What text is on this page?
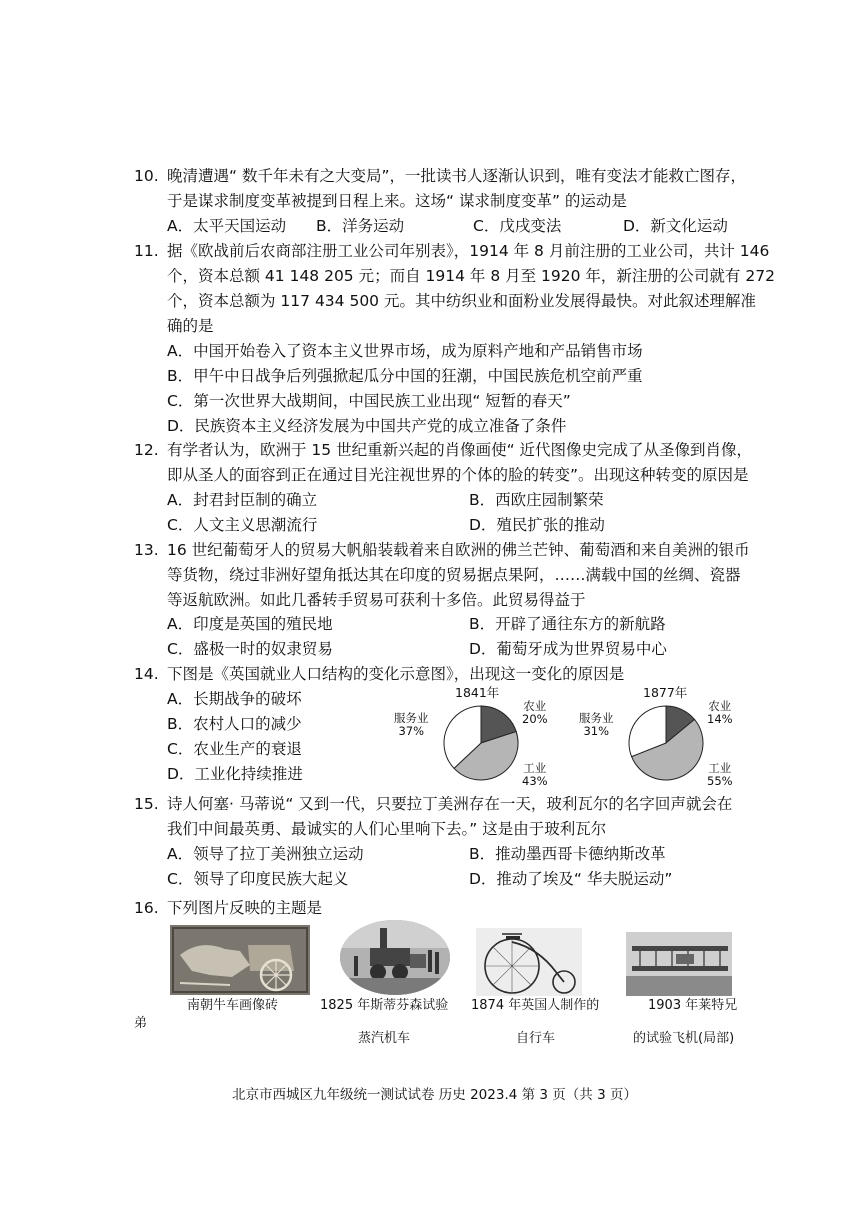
10. 晚清遭遇“ 数千年未有之大变局”，一批读书人逐渐认识到，唯有变法才能救亡图存，
于是谋求制度变革被提到日程上来。这场“ 谋求制度变革” 的运动是
A．太平天国运动 B．洋务运动	C．戊戌变法	D．新文化运动
11. 据《欧战前后农商部注册工业公司年别表》，1914 年 8 月前注册的工业公司，共计 146
个，资本总额 41 148 205 元；而自 1914 年 8 月至 1920 年，新注册的公司就有 272
个，资本总额为 117 434 500 元。其中纺织业和面粉业发展得最快。对此叙述理解准
确的是
A．中国开始卷入了资本主义世界市场，成为原料产地和产品销售市场
B．甲午中日战争后列强掀起瓜分中国的狂潮，中国民族危机空前严重
C．第一次世界大战期间，中国民族工业出现“ 短暂的春天”
D．民族资本主义经济发展为中国共产党的成立准备了条件
12. 有学者认为，欧洲于 15 世纪重新兴起的肖像画使“ 近代图像史完成了从圣像到肖像，
即从圣人的面容到正在通过目光注视世界的个体的脸的转变”。出现这种转变的原因是
A．封君封臣制的确立	B．西欧庄园制繁荣
C．人文主义思潮流行	D．殖民扩张的推动
13. 16 世纪葡萄牙人的贸易大帆船装载着来自欧洲的佛兰芒钟、葡萄酒和来自美洲的银币
等货物，绕过非洲好望角抵达其在印度的贸易据点果阿，……满载中国的丝绸、瓷器
等返航欧洲。如此几番转手贸易可获利十多倍。此贸易得益于
A．印度是英国的殖民地	B．开辟了通往东方的新航路
C．盛极一时的奴隶贸易	D．葡萄牙成为世界贸易中心
14. 下图是《英国就业人口结构的变化示意图》，出现这一变化的原因是
A．长期战争的破坏
B．农村人口的减少
C．农业生产的衰退
D．工业化持续推进
1841年
服务业
37%
农业
20%
工业
43%
1877年
服务业
31%
农业
14%
工业
55%
15. 诗人何塞· 马蒂说“ 又到一代，只要拉丁美洲存在一天，玻利瓦尔的名字回声就会在
我们中间最英勇、最诚实的人们心里响下去。” 这是由于玻利瓦尔
A．领导了拉丁美洲独立运动	B．推动墨西哥卡德纳斯改革
C．领导了印度民族大起义	D．推动了埃及“ 华夫脱运动”
16. 下列图片反映的主题是
南朝牛车画像砖	1825 年斯蒂芬森试验
蒸汽机车
1874 年英国人制作的
自行车
1903 年莱特兄
的试验飞机(局部)
弟
北京市西城区九年级统一测试试卷 历史 2023.4 第 3 页（共 3 页）
